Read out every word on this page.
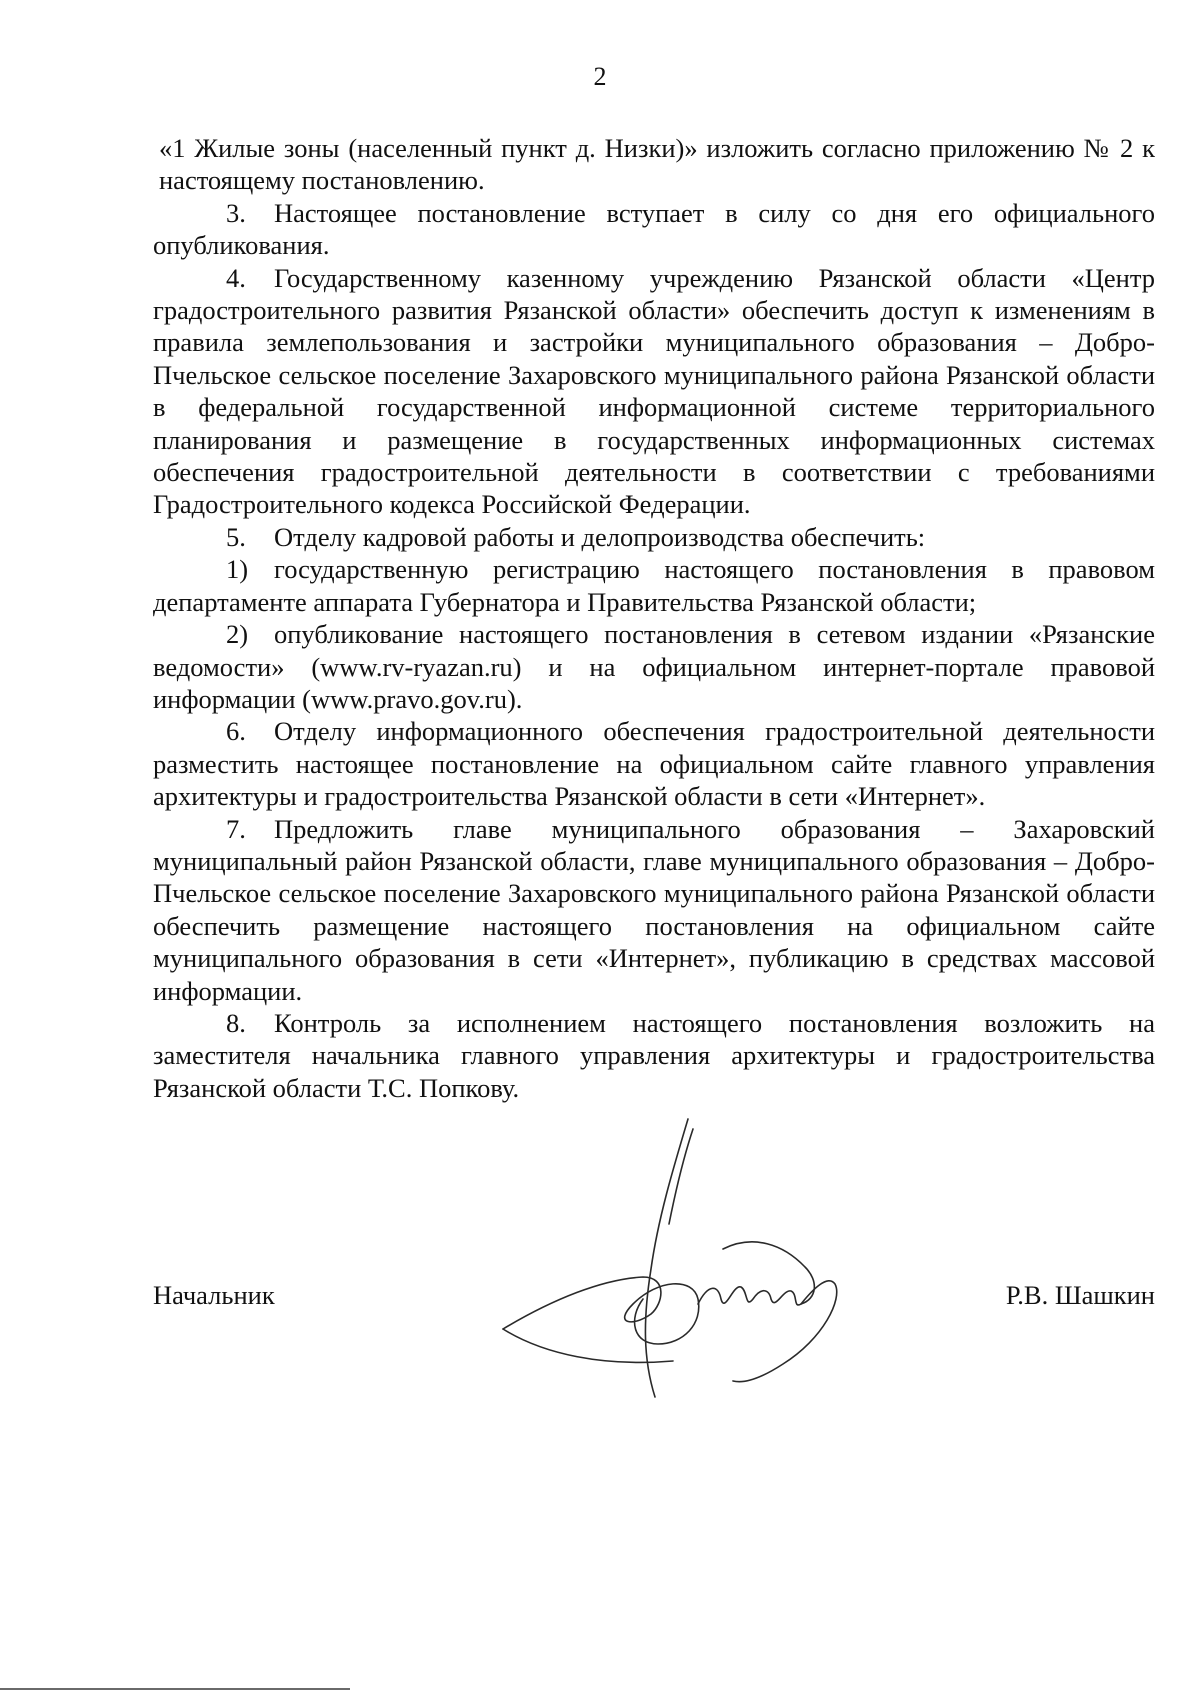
2

«1 Жилые зоны (населенный пункт д. Низки)» изложить согласно приложению № 2 к настоящему постановлению.

3. Настоящее постановление вступает в силу со дня его официального опубликования.

4. Государственному казенному учреждению Рязанской области «Центр градостроительного развития Рязанской области» обеспечить доступ к изменениям в правила землепользования и застройки муниципального образования – Добро-Пчельское сельское поселение Захаровского муниципального района Рязанской области в федеральной государственной информационной системе территориального планирования и размещение в государственных информационных системах обеспечения градостроительной деятельности в соответствии с требованиями Градостроительного кодекса Российской Федерации.

5. Отделу кадровой работы и делопроизводства обеспечить:

1) государственную регистрацию настоящего постановления в правовом департаменте аппарата Губернатора и Правительства Рязанской области;

2) опубликование настоящего постановления в сетевом издании «Рязанские ведомости» (www.rv-ryazan.ru) и на официальном интернет-портале правовой информации (www.pravo.gov.ru).

6. Отделу информационного обеспечения градостроительной деятельности разместить настоящее постановление на официальном сайте главного управления архитектуры и градостроительства Рязанской области в сети «Интернет».

7. Предложить главе муниципального образования – Захаровский муниципальный район Рязанской области, главе муниципального образования – Добро-Пчельское сельское поселение Захаровского муниципального района Рязанской области обеспечить размещение настоящего постановления на официальном сайте муниципального образования в сети «Интернет», публикацию в средствах массовой информации.

8. Контроль за исполнением настоящего постановления возложить на заместителя начальника главного управления архитектуры и градостроительства Рязанской области Т.С. Попкову.

Начальник	Р.В. Шашкин
